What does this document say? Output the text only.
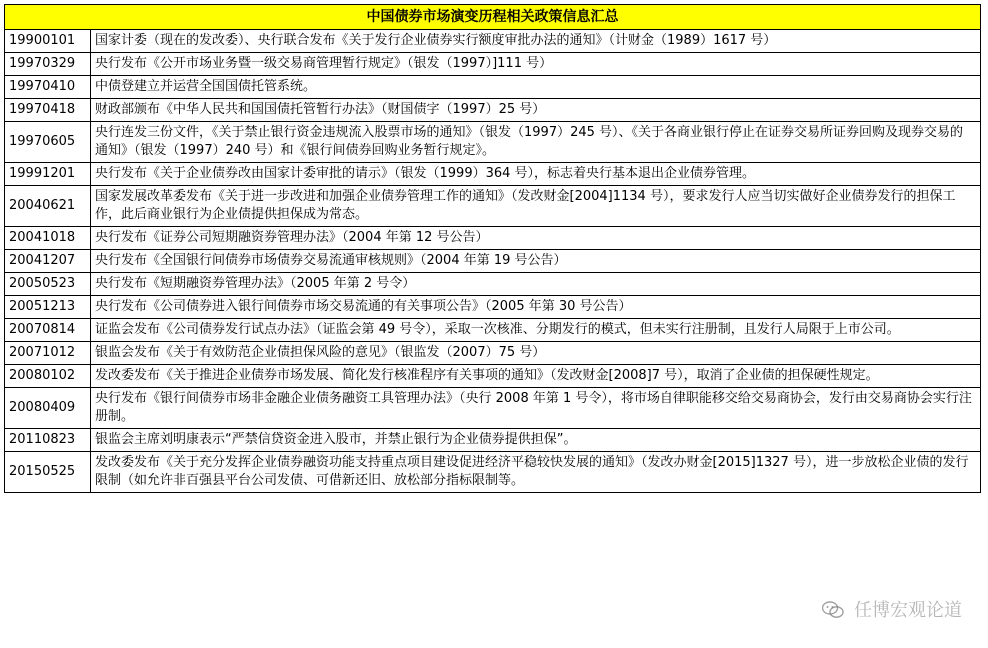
中国债券市场演变历程相关政策信息汇总	
19900101	国家计委（现在的发改委）、央行联合发布《关于发行企业债券实行额度审批办法的通知》（计财金（1989）1617 号）
19970329	央行发布《公开市场业务暨一级交易商管理暂行规定》（银发（1997）]111 号）
19970410	中债登建立并运营全国国债托管系统。
19970418	财政部颁布《中华人民共和国国债托管暂行办法》（财国债字（1997）25 号）
19970605	央行连发三份文件，《关于禁止银行资金违规流入股票市场的通知》（银发（1997）245 号）、《关于各商业银行停止在证券交易所证券回购及现券交易的通知》（银发（1997）240 号）和《银行间债券回购业务暂行规定》。
19991201	央行发布《关于企业债券改由国家计委审批的请示》（银发（1999）364 号），标志着央行基本退出企业债券管理。
20040621	国家发展改革委发布《关于进一步改进和加强企业债券管理工作的通知》（发改财金[2004]1134 号），要求发行人应当切实做好企业债券发行的担保工作，此后商业银行为企业债提供担保成为常态。
20041018	央行发布《证券公司短期融资券管理办法》（2004 年第 12 号公告）
20041207	央行发布《全国银行间债券市场债券交易流通审核规则》（2004 年第 19 号公告）
20050523	央行发布《短期融资券管理办法》（2005 年第 2 号令）
20051213	央行发布《公司债券进入银行间债券市场交易流通的有关事项公告》（2005 年第 30 号公告）
20070814	证监会发布《公司债券发行试点办法》（证监会第 49 号令），采取一次核准、分期发行的模式，但未实行注册制，且发行人局限于上市公司。
20071012	银监会发布《关于有效防范企业债担保风险的意见》（银监发（2007）75 号）
20080102	发改委发布《关于推进企业债券市场发展、简化发行核准程序有关事项的通知》（发改财金[2008]7 号），取消了企业债的担保硬性规定。
20080409	央行发布《银行间债券市场非金融企业债务融资工具管理办法》（央行 2008 年第 1 号令），将市场自律职能移交给交易商协会，发行由交易商协会实行注册制。
20110823	银监会主席刘明康表示“严禁信贷资金进入股市，并禁止银行为企业债券提供担保”。
20150525	发改委发布《关于充分发挥企业债券融资功能支持重点项目建设促进经济平稳较快发展的通知》（发改办财金[2015]1327 号），进一步放松企业债的发行限制（如允许非百强县平台公司发债、可借新还旧、放松部分指标限制等。
任博宏观论道
